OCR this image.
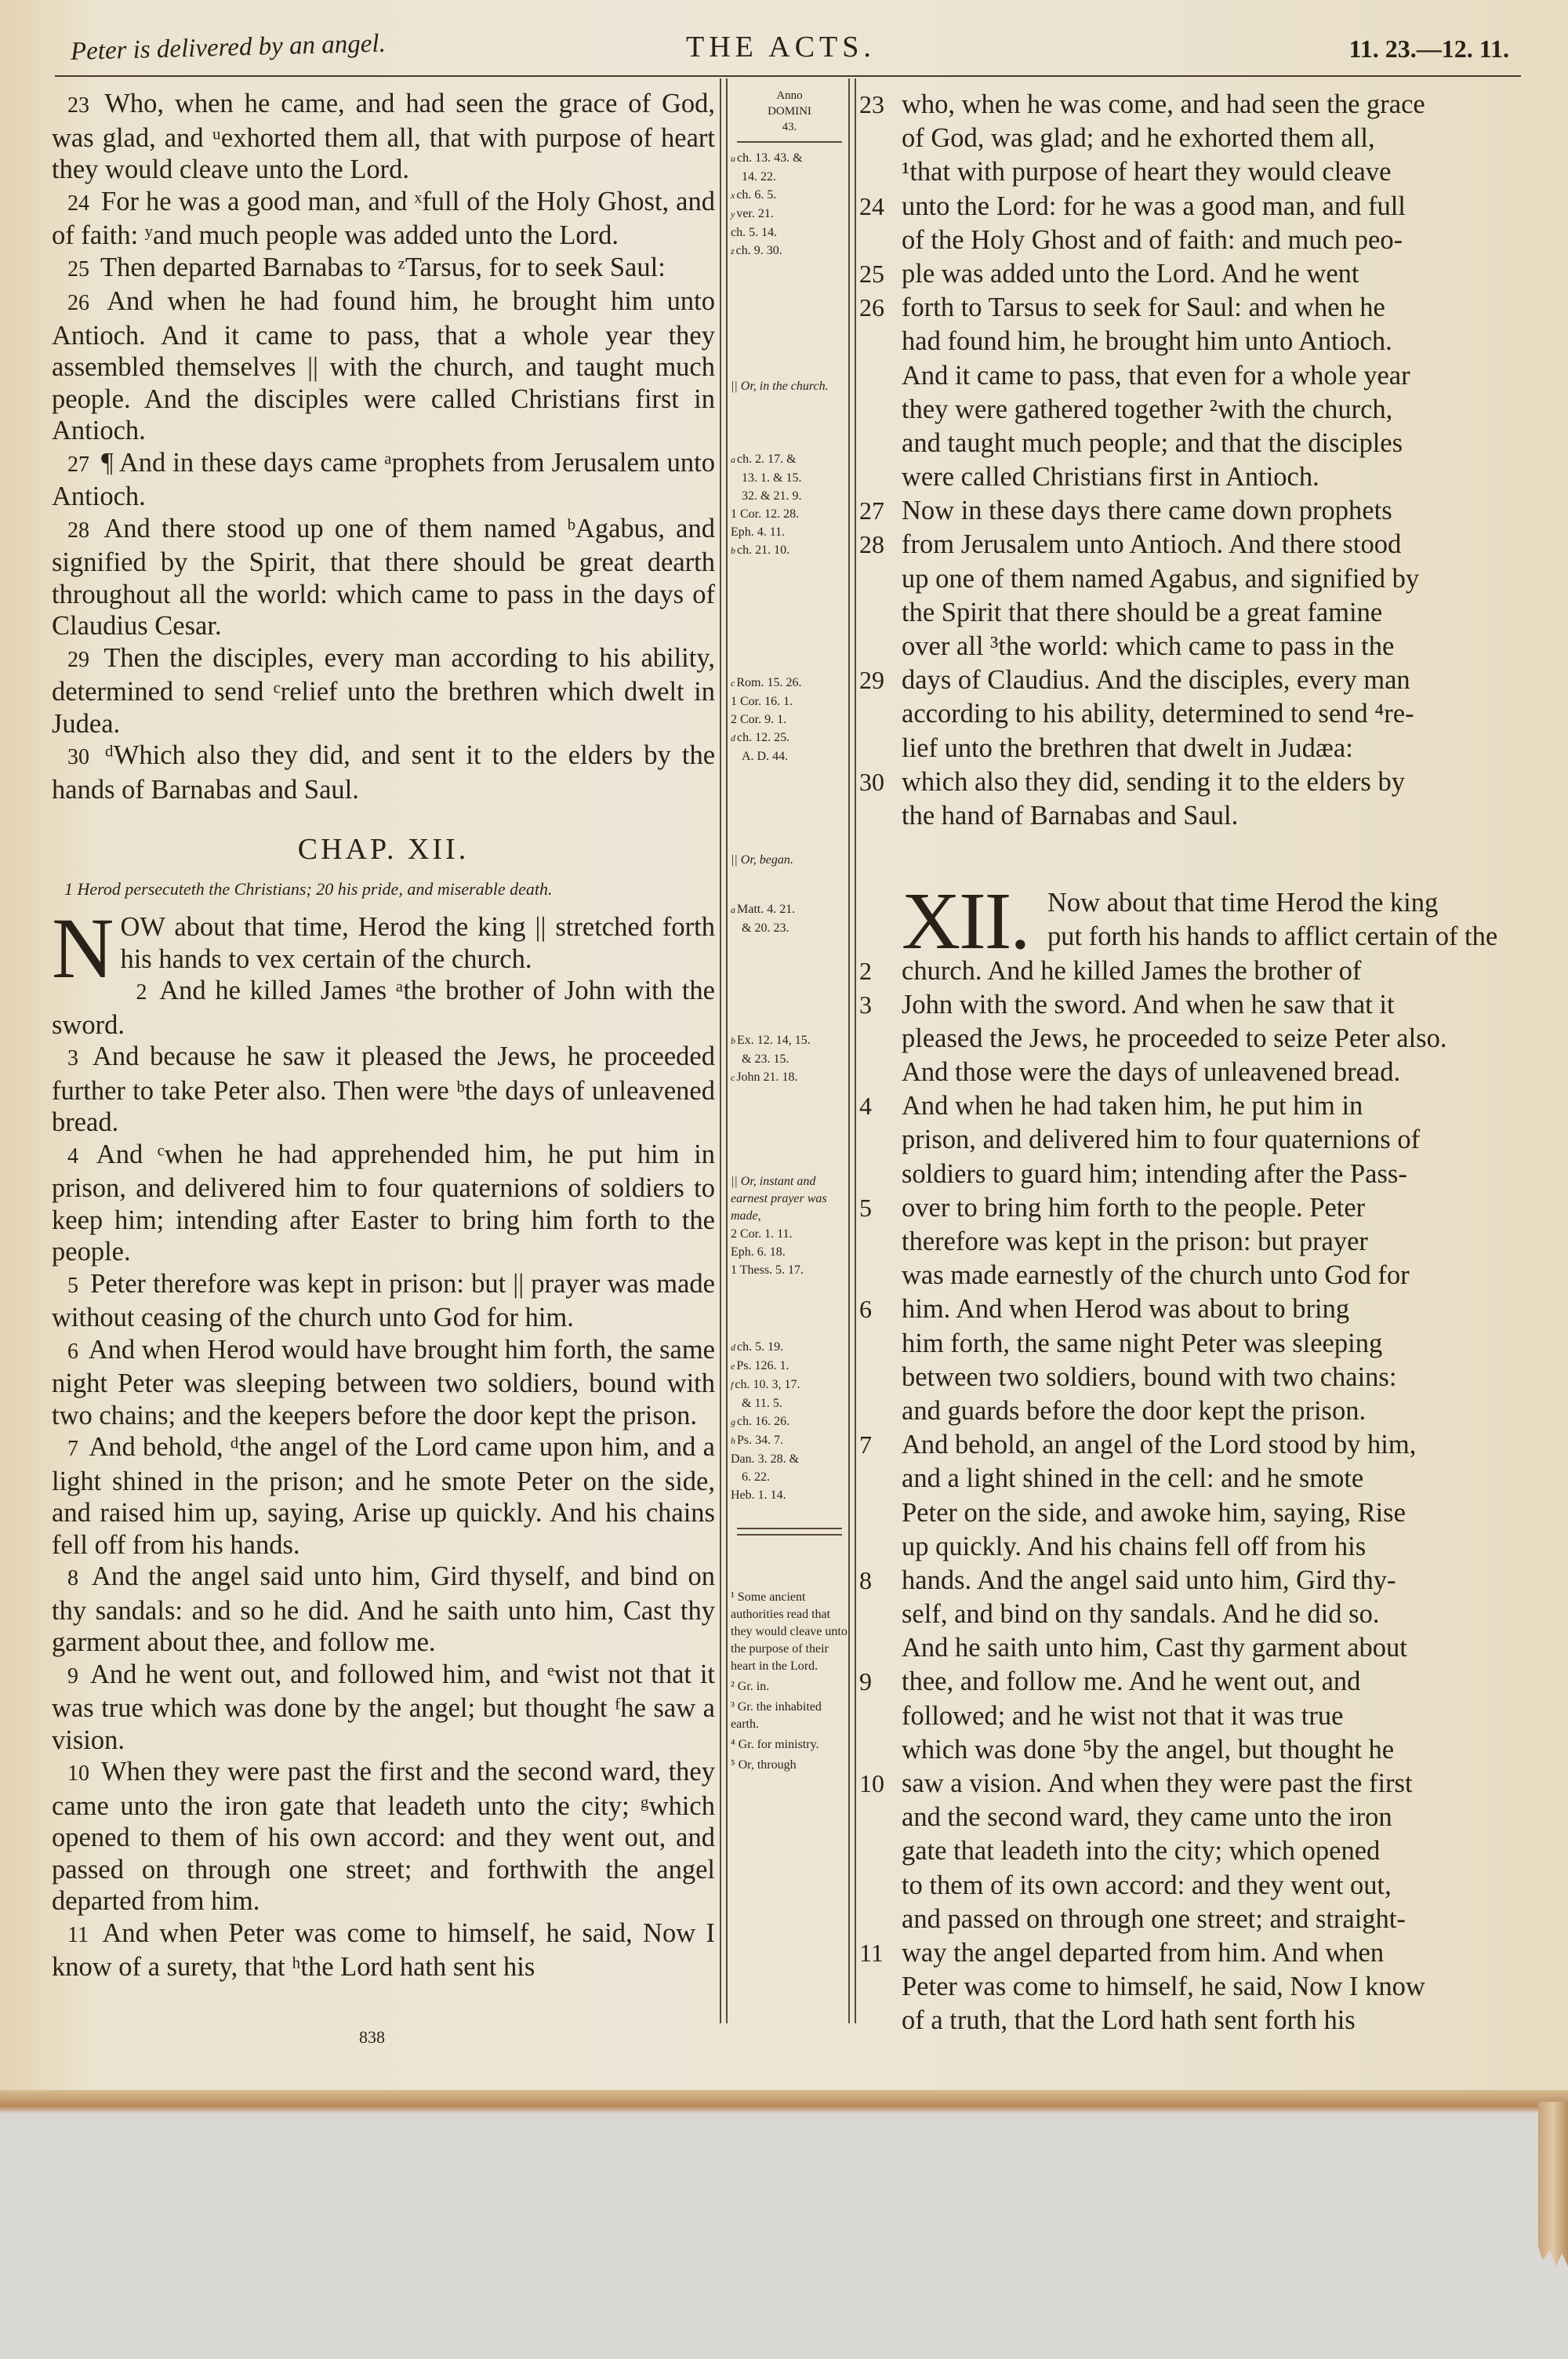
Peter is delivered by an angel.	THE ACTS.	11. 23.—12. 11.

23 Who, when he came, and had seen the grace of God, was glad, and ᵘexhorted them all, that with purpose of heart they would cleave unto the Lord.

24 For he was a good man, and ˣfull of the Holy Ghost, and of faith: ʸand much people was added unto the Lord.

25 Then departed Barnabas to ᶻTarsus, for to seek Saul:

26 And when he had found him, he brought him unto Antioch. And it came to pass, that a whole year they assembled themselves || with the church, and taught much people. And the disciples were called Christians first in Antioch.

27 ¶ And in these days came ᵃprophets from Jerusalem unto Antioch.

28 And there stood up one of them named ᵇAgabus, and signified by the Spirit, that there should be great dearth throughout all the world: which came to pass in the days of Claudius Cesar.

29 Then the disciples, every man according to his ability, determined to send ᶜrelief unto the brethren which dwelt in Judea.

30 ᵈWhich also they did, and sent it to the elders by the hands of Barnabas and Saul.

CHAP. XII.
1 Herod persecuteth the Christians; 20 his pride, and miserable death.

NOW about that time, Herod the king || stretched forth his hands to vex certain of the church.

2 And he killed James ᵃthe brother of John with the sword.

3 And because he saw it pleased the Jews, he proceeded further to take Peter also. Then were ᵇthe days of unleavened bread.

4 And ᶜwhen he had apprehended him, he put him in prison, and delivered him to four quaternions of soldiers to keep him; intending after Easter to bring him forth to the people.

5 Peter therefore was kept in prison: but || prayer was made without ceasing of the church unto God for him.

6 And when Herod would have brought him forth, the same night Peter was sleeping between two soldiers, bound with two chains; and the keepers before the door kept the prison.

7 And behold, ᵈthe angel of the Lord came upon him, and a light shined in the prison; and he smote Peter on the side, and raised him up, saying, Arise up quickly. And his chains fell off from his hands.

8 And the angel said unto him, Gird thyself, and bind on thy sandals: and so he did. And he saith unto him, Cast thy garment about thee, and follow me.

9 And he went out, and followed him, and ᵉwist not that it was true which was done by the angel; but thought ᶠhe saw a vision.

10 When they were past the first and the second ward, they came unto the iron gate that leadeth unto the city; ᵍwhich opened to them of his own accord: and they went out, and passed on through one street; and forthwith the angel departed from him.

11 And when Peter was come to himself, he said, Now I know of a surety, that ʰthe Lord hath sent his

Anno
DOMINI
43.
u ch. 13. 43. &
14. 22.
x ch. 6. 5.
y ver. 21.
ch. 5. 14.
z ch. 9. 30.
|| Or, in the church.
a ch. 2. 17. &
13. 1. & 15.
32. & 21. 9.
1 Cor. 12. 28.
Eph. 4. 11.
b ch. 21. 10.
c Rom. 15. 26.
1 Cor. 16. 1.
2 Cor. 9. 1.
d ch. 12. 25.
A. D. 44.
|| Or, began.
a Matt. 4. 21.
& 20. 23.
b Ex. 12. 14, 15.
& 23. 15.
c John 21. 18.
|| Or, instant and earnest prayer was made,
2 Cor. 1. 11.
Eph. 6. 18.
1 Thess. 5. 17.
d ch. 5. 19.
e Ps. 126. 1.
f ch. 10. 3, 17.
& 11. 5.
g ch. 16. 26.
h Ps. 34. 7.
Dan. 3. 28. &
6. 22.
Heb. 1. 14.
¹ Some ancient authorities read that they would cleave unto the purpose of their heart in the Lord.
² Gr. in.
³ Gr. the inhabited earth.
⁴ Gr. for ministry.
⁵ Or, through
23 who, when he was come, and had seen the grace
of God, was glad; and he exhorted them all,
¹that with purpose of heart they would cleave
24 unto the Lord: for he was a good man, and full
of the Holy Ghost and of faith: and much peo-
25 ple was added unto the Lord. And he went
26 forth to Tarsus to seek for Saul: and when he
had found him, he brought him unto Antioch.
And it came to pass, that even for a whole year
they were gathered together ²with the church,
and taught much people; and that the disciples
were called Christians first in Antioch.
27 Now in these days there came down prophets
28 from Jerusalem unto Antioch. And there stood
up one of them named Agabus, and signified by
the Spirit that there should be a great famine
over all ³the world: which came to pass in the
29 days of Claudius. And the disciples, every man
according to his ability, determined to send ⁴re-
lief unto the brethren that dwelt in Judæa:
30 which also they did, sending it to the elders by
the hand of Barnabas and Saul.
XII. Now about that time Herod the king
put forth his hands to afflict certain of the
2 church. And he killed James the brother of
3 John with the sword. And when he saw that it
pleased the Jews, he proceeded to seize Peter also.
And those were the days of unleavened bread.
4 And when he had taken him, he put him in
prison, and delivered him to four quaternions of
soldiers to guard him; intending after the Pass-
5 over to bring him forth to the people. Peter
therefore was kept in the prison: but prayer
was made earnestly of the church unto God for
6 him. And when Herod was about to bring
him forth, the same night Peter was sleeping
between two soldiers, bound with two chains:
and guards before the door kept the prison.
7 And behold, an angel of the Lord stood by him,
and a light shined in the cell: and he smote
Peter on the side, and awoke him, saying, Rise
up quickly. And his chains fell off from his
8 hands. And the angel said unto him, Gird thy-
self, and bind on thy sandals. And he did so.
And he saith unto him, Cast thy garment about
9 thee, and follow me. And he went out, and
followed; and he wist not that it was true
which was done ⁵by the angel, but thought he
10 saw a vision. And when they were past the first
and the second ward, they came unto the iron
gate that leadeth into the city; which opened
to them of its own accord: and they went out,
and passed on through one street; and straight-
11 way the angel departed from him. And when
Peter was come to himself, he said, Now I know
of a truth, that the Lord hath sent forth his
838
